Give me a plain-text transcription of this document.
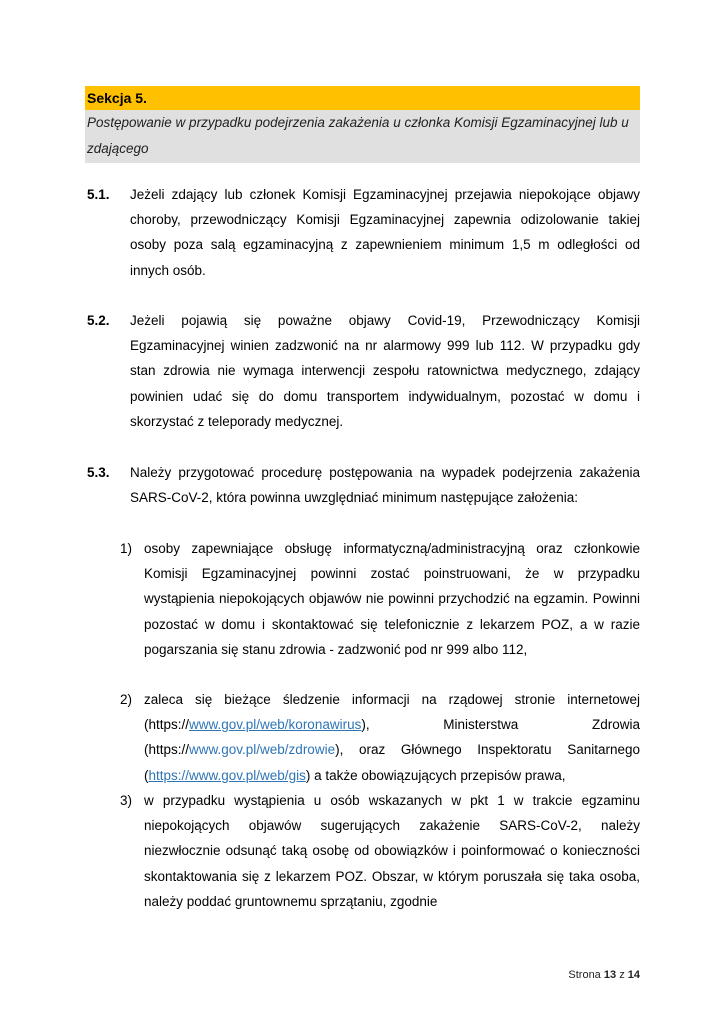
Sekcja 5.
Postępowanie w przypadku podejrzenia zakażenia u członka Komisji Egzaminacyjnej lub u zdającego
5.1. Jeżeli zdający lub członek Komisji Egzaminacyjnej przejawia niepokojące objawy choroby, przewodniczący Komisji Egzaminacyjnej zapewnia odizolowanie takiej osoby poza salą egzaminacyjną z zapewnieniem minimum 1,5 m odległości od innych osób.
5.2. Jeżeli pojawią się poważne objawy Covid-19, Przewodniczący Komisji Egzaminacyjnej winien zadzwonić na nr alarmowy 999 lub 112. W przypadku gdy stan zdrowia nie wymaga interwencji zespołu ratownictwa medycznego, zdający powinien udać się do domu transportem indywidualnym, pozostać w domu i skorzystać z teleporady medycznej.
5.3. Należy przygotować procedurę postępowania na wypadek podejrzenia zakażenia SARS-CoV-2, która powinna uwzględniać minimum następujące założenia:
1) osoby zapewniające obsługę informatyczną/administracyjną oraz członkowie Komisji Egzaminacyjnej powinni zostać poinstruowani, że w przypadku wystąpienia niepokojących objawów nie powinni przychodzić na egzamin. Powinni pozostać w domu i skontaktować się telefonicznie z lekarzem POZ, a w razie pogarszania się stanu zdrowia - zadzwonić pod nr 999 albo 112,
2) zaleca się bieżące śledzenie informacji na rządowej stronie internetowej (https://www.gov.pl/web/koronawirus), Ministerstwa Zdrowia (https://www.gov.pl/web/zdrowie), oraz Głównego Inspektoratu Sanitarnego (https://www.gov.pl/web/gis) a także obowiązujących przepisów prawa,
3) w przypadku wystąpienia u osób wskazanych w pkt 1 w trakcie egzaminu niepokojących objawów sugerujących zakażenie SARS-CoV-2, należy niezwłocznie odsunąć taką osobę od obowiązków i poinformować o konieczności skontaktowania się z lekarzem POZ. Obszar, w którym poruszała się taka osoba, należy poddać gruntownemu sprzątaniu, zgodnie
Strona 13 z 14
